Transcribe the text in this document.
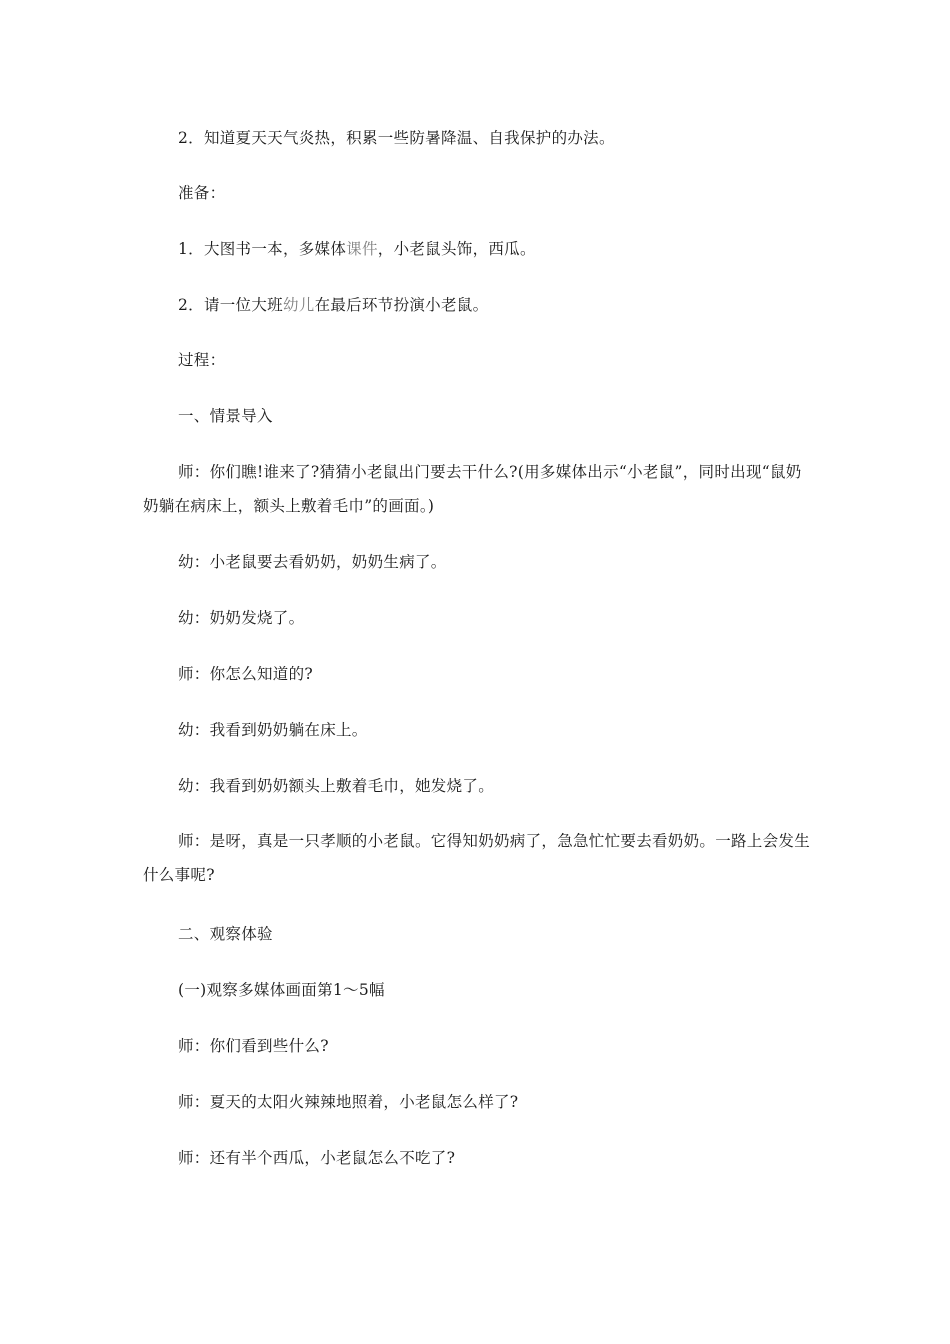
2．知道夏天天气炎热，积累一些防暑降温、自我保护的办法。

准备：

1．大图书一本，多媒体课件，小老鼠头饰，西瓜。

2．请一位大班幼儿在最后环节扮演小老鼠。

过程：

一、情景导入

师：你们瞧!谁来了?猜猜小老鼠出门要去干什么?(用多媒体出示“小老鼠”，同时出现“鼠奶奶躺在病床上，额头上敷着毛巾”的画面。)

幼：小老鼠要去看奶奶，奶奶生病了。

幼：奶奶发烧了。

师：你怎么知道的?

幼：我看到奶奶躺在床上。

幼：我看到奶奶额头上敷着毛巾，她发烧了。

师：是呀，真是一只孝顺的小老鼠。它得知奶奶病了，急急忙忙要去看奶奶。一路上会发生什么事呢?

二、观察体验

(一)观察多媒体画面第1～5幅

师：你们看到些什么?

师：夏天的太阳火辣辣地照着，小老鼠怎么样了?

师：还有半个西瓜，小老鼠怎么不吃了?
